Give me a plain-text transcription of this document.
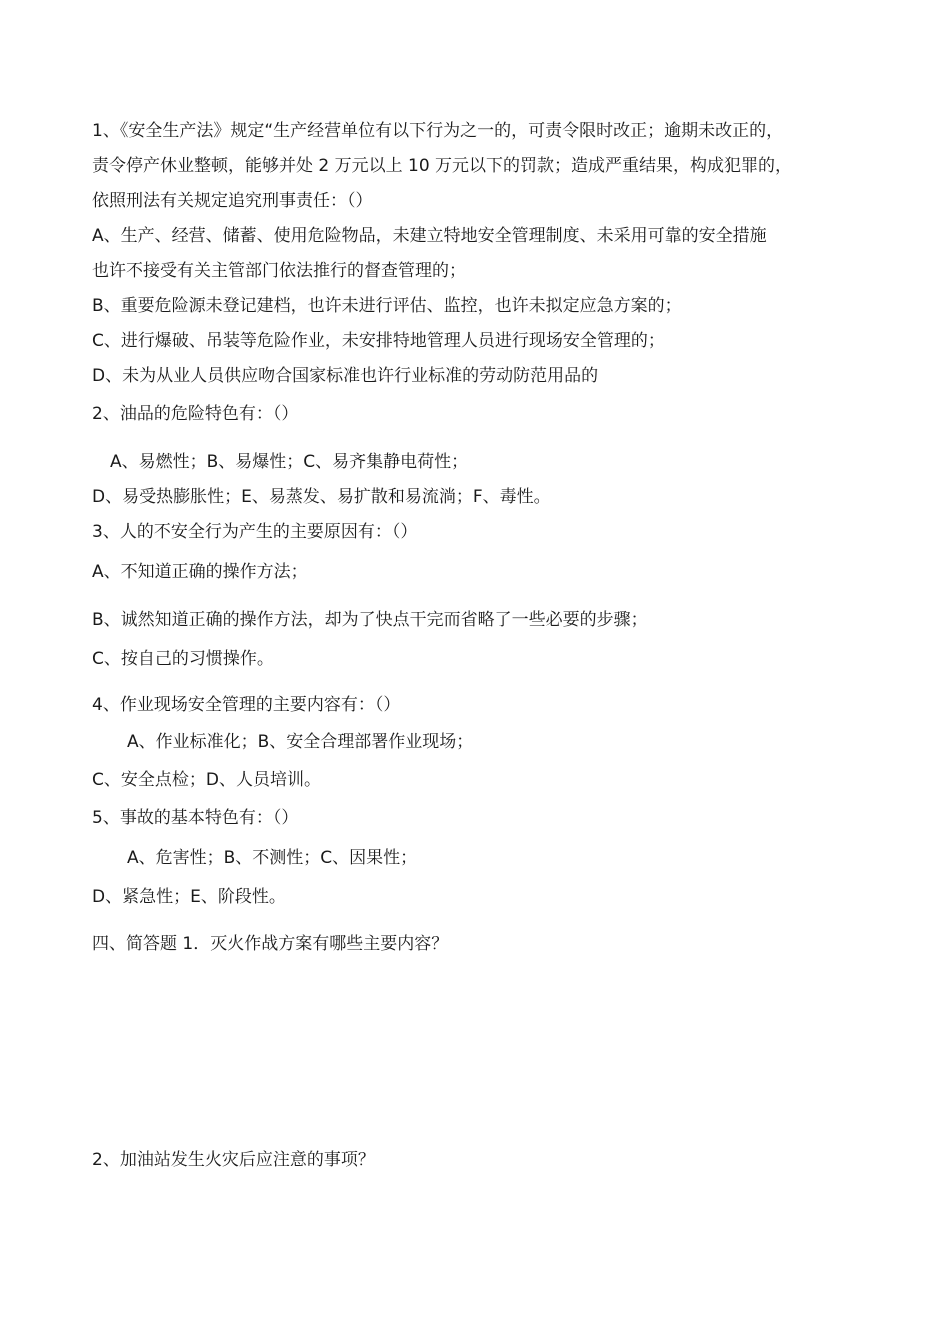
1、《安全生产法》规定“生产经营单位有以下行为之一的，可责令限时改正；逾期未改正的，
责令停产休业整顿，能够并处 2 万元以上 10 万元以下的罚款；造成严重结果，构成犯罪的，
依照刑法有关规定追究刑事责任：（）
A、生产、经营、储蓄、使用危险物品，未建立特地安全管理制度、未采用可靠的安全措施
也许不接受有关主管部门依法推行的督查管理的；
B、重要危险源未登记建档，也许未进行评估、监控，也许未拟定应急方案的；
C、进行爆破、吊装等危险作业，未安排特地管理人员进行现场安全管理的；
D、未为从业人员供应吻合国家标准也许行业标准的劳动防范用品的
2、油品的危险特色有：（）
A、易燃性；B、易爆性；C、易齐集静电荷性；
D、易受热膨胀性；E、易蒸发、易扩散和易流淌；F、毒性。
3、人的不安全行为产生的主要原因有：（）
A、不知道正确的操作方法；
B、诚然知道正确的操作方法，却为了快点干完而省略了一些必要的步骤；
C、按自己的习惯操作。
4、作业现场安全管理的主要内容有：（）
A、作业标准化；B、安全合理部署作业现场；
C、安全点检；D、人员培训。
5、事故的基本特色有：（）
A、危害性；B、不测性；C、因果性；
D、紧急性；E、阶段性。
四、简答题 1．灭火作战方案有哪些主要内容？
2、加油站发生火灾后应注意的事项？
